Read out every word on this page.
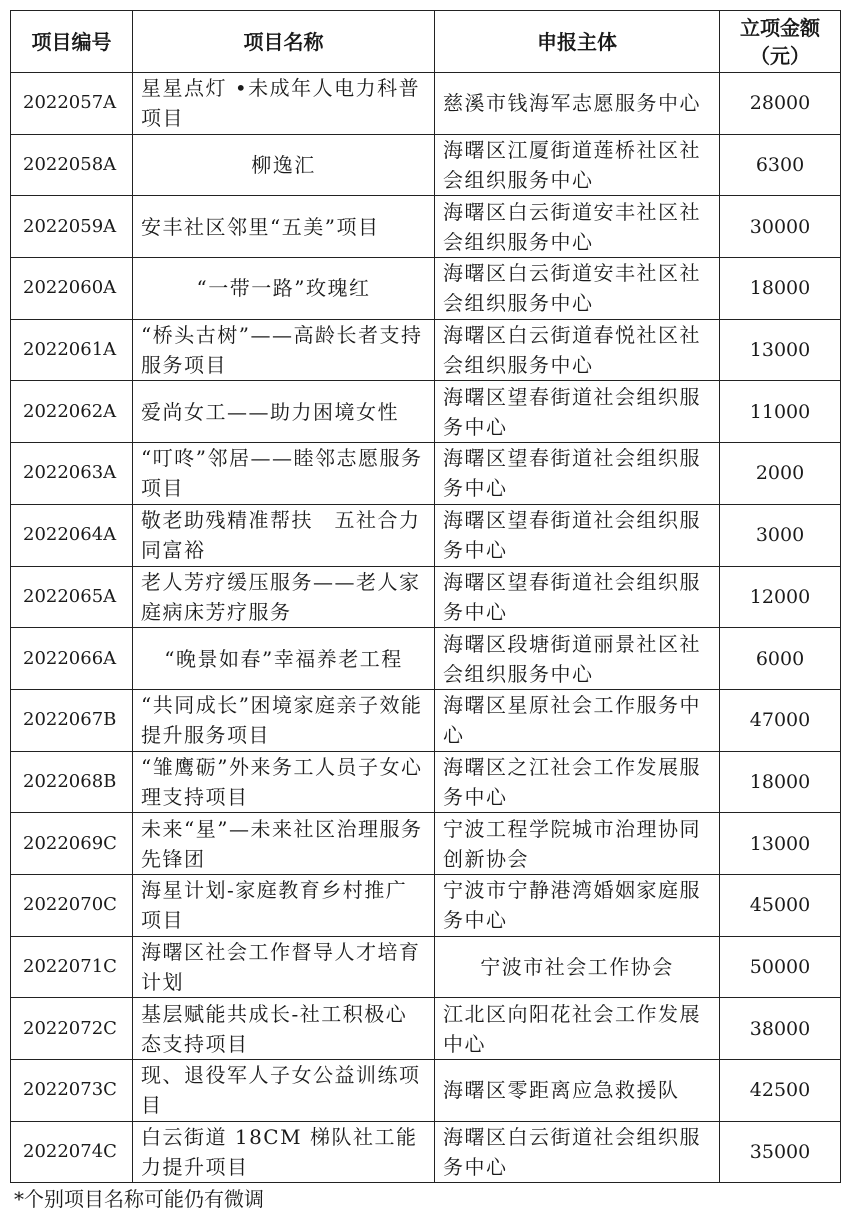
项目编号	项目名称	申报主体	立项金额
（元）
2022057A	星星点灯 •未成年人电力科普项目	慈溪市钱海军志愿服务中心	28000
2022058A	柳逸汇	海曙区江厦街道莲桥社区社会组织服务中心	6300
2022059A	安丰社区邻里“五美”项目	海曙区白云街道安丰社区社会组织服务中心	30000
2022060A	“一带一路”玫瑰红	海曙区白云街道安丰社区社会组织服务中心	18000
2022061A	“桥头古树”——高龄长者支持服务项目	海曙区白云街道春悦社区社会组织服务中心	13000
2022062A	爱尚女工——助力困境女性	海曙区望春街道社会组织服务中心	11000
2022063A	“叮咚”邻居——睦邻志愿服务项目	海曙区望春街道社会组织服务中心	2000
2022064A	敬老助残精准帮扶　五社合力同富裕	海曙区望春街道社会组织服务中心	3000
2022065A	老人芳疗缓压服务——老人家庭病床芳疗服务	海曙区望春街道社会组织服务中心	12000
2022066A	“晚景如春”幸福养老工程	海曙区段塘街道丽景社区社会组织服务中心	6000
2022067B	“共同成长”困境家庭亲子效能提升服务项目	海曙区星原社会工作服务中心	47000
2022068B	“雏鹰砺”外来务工人员子女心理支持项目	海曙区之江社会工作发展服务中心	18000
2022069C	未来“星”—未来社区治理服务先锋团	宁波工程学院城市治理协同创新协会	13000
2022070C	海星计划-家庭教育乡村推广项目	宁波市宁静港湾婚姻家庭服务中心	45000
2022071C	海曙区社会工作督导人才培育计划	宁波市社会工作协会	50000
2022072C	基层赋能共成长-社工积极心态支持项目	江北区向阳花社会工作发展中心	38000
2022073C	现、退役军人子女公益训练项目	海曙区零距离应急救援队	42500
2022074C	白云街道 18CM 梯队社工能力提升项目	海曙区白云街道社会组织服务中心	35000
*个别项目名称可能仍有微调
